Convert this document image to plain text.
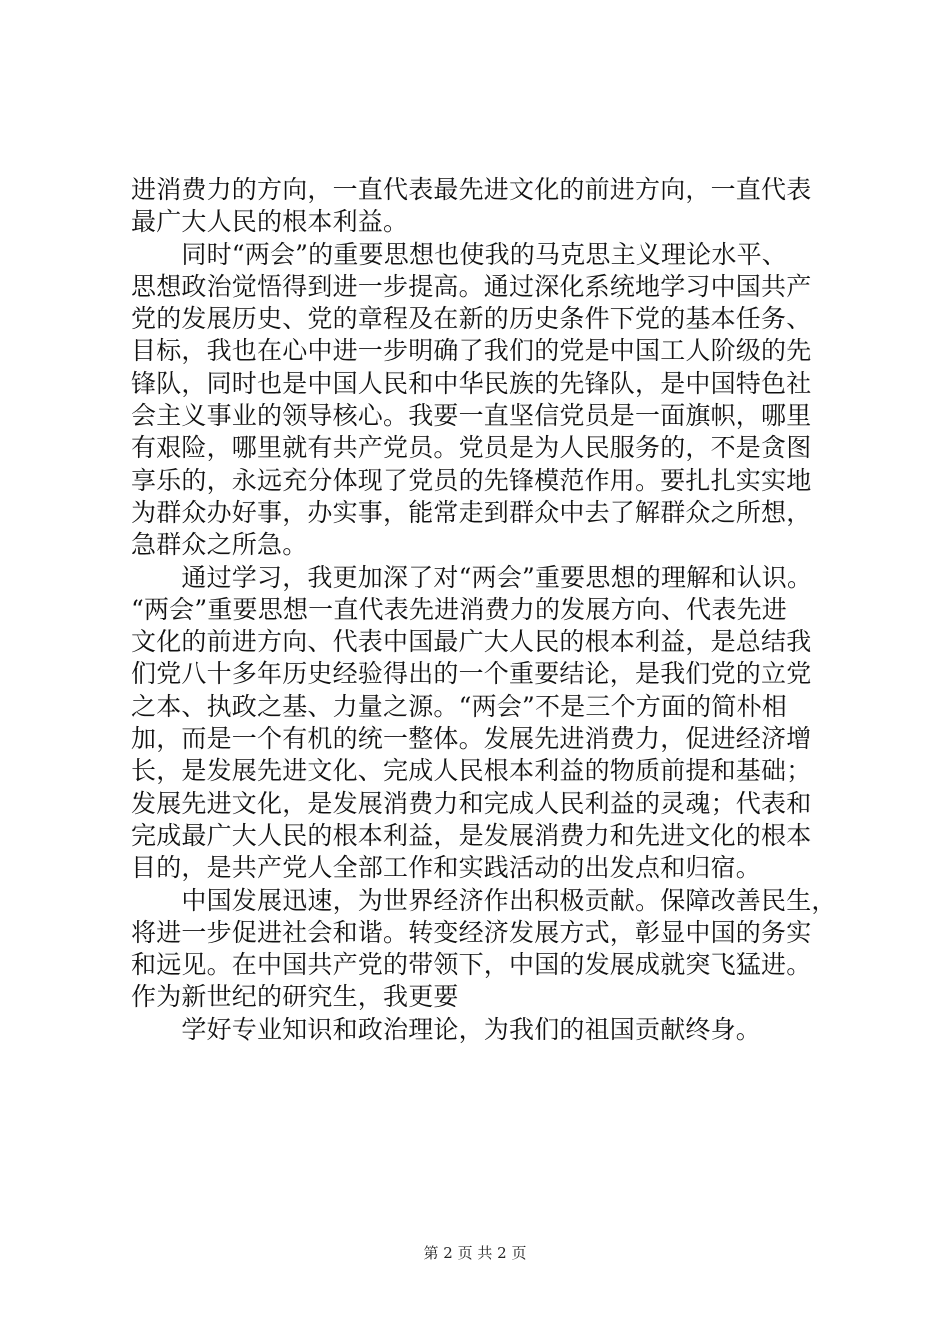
进消费力的方向，一直代表最先进文化的前进方向，一直代表
最广大人民的根本利益。
　　同时“两会”的重要思想也使我的马克思主义理论水平、
思想政治觉悟得到进一步提高。通过深化系统地学习中国共产
党的发展历史、党的章程及在新的历史条件下党的基本任务、
目标，我也在心中进一步明确了我们的党是中国工人阶级的先
锋队，同时也是中国人民和中华民族的先锋队，是中国特色社
会主义事业的领导核心。我要一直坚信党员是一面旗帜，哪里
有艰险，哪里就有共产党员。党员是为人民服务的，不是贪图
享乐的，永远充分体现了党员的先锋模范作用。要扎扎实实地
为群众办好事，办实事，能常走到群众中去了解群众之所想，
急群众之所急。
　　通过学习，我更加深了对“两会”重要思想的理解和认识。
“两会”重要思想一直代表先进消费力的发展方向、代表先进
文化的前进方向、代表中国最广大人民的根本利益，是总结我
们党八十多年历史经验得出的一个重要结论，是我们党的立党
之本、执政之基、力量之源。“两会”不是三个方面的简朴相
加，而是一个有机的统一整体。发展先进消费力，促进经济增
长，是发展先进文化、完成人民根本利益的物质前提和基础；
发展先进文化，是发展消费力和完成人民利益的灵魂；代表和
完成最广大人民的根本利益，是发展消费力和先进文化的根本
目的，是共产党人全部工作和实践活动的出发点和归宿。
　　中国发展迅速，为世界经济作出积极贡献。保障改善民生，
将进一步促进社会和谐。转变经济发展方式，彰显中国的务实
和远见。在中国共产党的带领下，中国的发展成就突飞猛进。
作为新世纪的研究生，我更要
　　学好专业知识和政治理论，为我们的祖国贡献终身。
第 2 页 共 2 页
